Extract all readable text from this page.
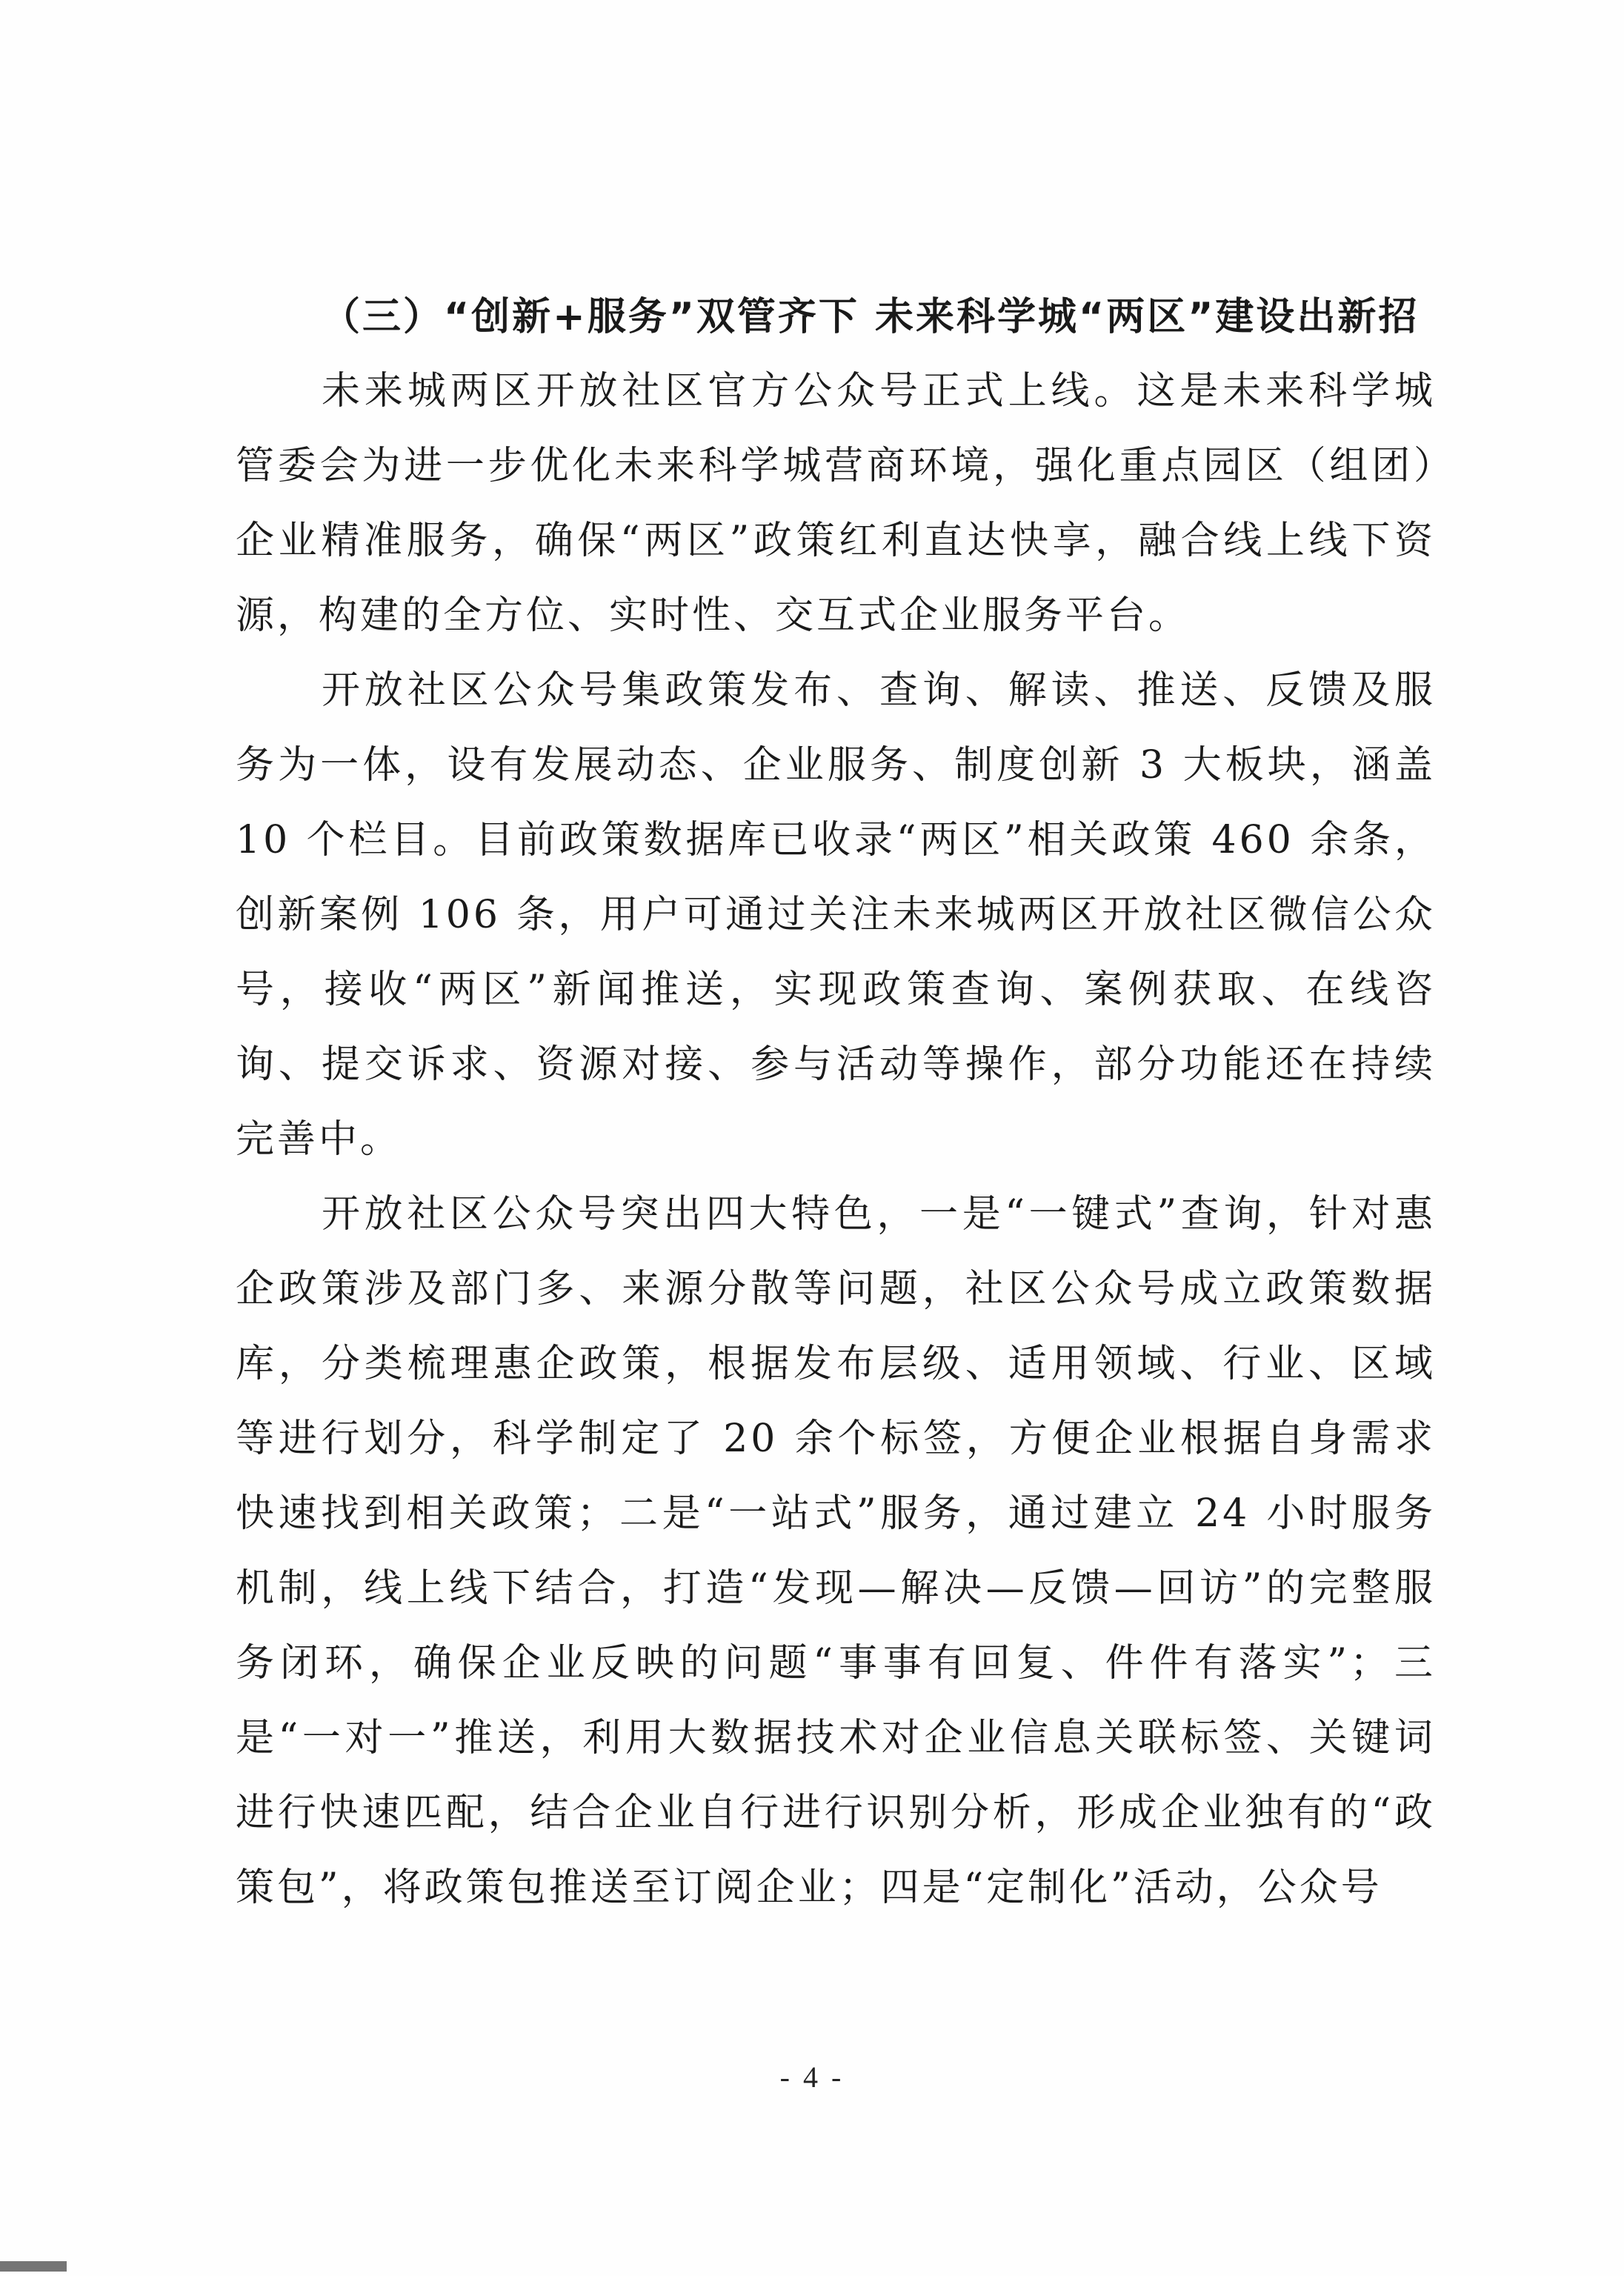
（三）“创新+服务”双管齐下 未来科学城“两区”建设出新招

未来城两区开放社区官方公众号正式上线。这是未来科学城管委会为进一步优化未来科学城营商环境，强化重点园区（组团）企业精准服务，确保“两区”政策红利直达快享，融合线上线下资源，构建的全方位、实时性、交互式企业服务平台。

开放社区公众号集政策发布、查询、解读、推送、反馈及服务为一体，设有发展动态、企业服务、制度创新 3 大板块，涵盖 10 个栏目。目前政策数据库已收录“两区”相关政策 460 余条，创新案例 106 条，用户可通过关注未来城两区开放社区微信公众号，接收“两区”新闻推送，实现政策查询、案例获取、在线咨询、提交诉求、资源对接、参与活动等操作，部分功能还在持续完善中。

开放社区公众号突出四大特色，一是“一键式”查询，针对惠企政策涉及部门多、来源分散等问题，社区公众号成立政策数据库，分类梳理惠企政策，根据发布层级、适用领域、行业、区域等进行划分，科学制定了 20 余个标签，方便企业根据自身需求快速找到相关政策；二是“一站式”服务，通过建立 24 小时服务机制，线上线下结合，打造“发现—解决—反馈—回访”的完整服务闭环，确保企业反映的问题“事事有回复、件件有落实”；三是“一对一”推送，利用大数据技术对企业信息关联标签、关键词进行快速匹配，结合企业自行进行识别分析，形成企业独有的“政策包”，将政策包推送至订阅企业；四是“定制化”活动，公众号

- 4 -
